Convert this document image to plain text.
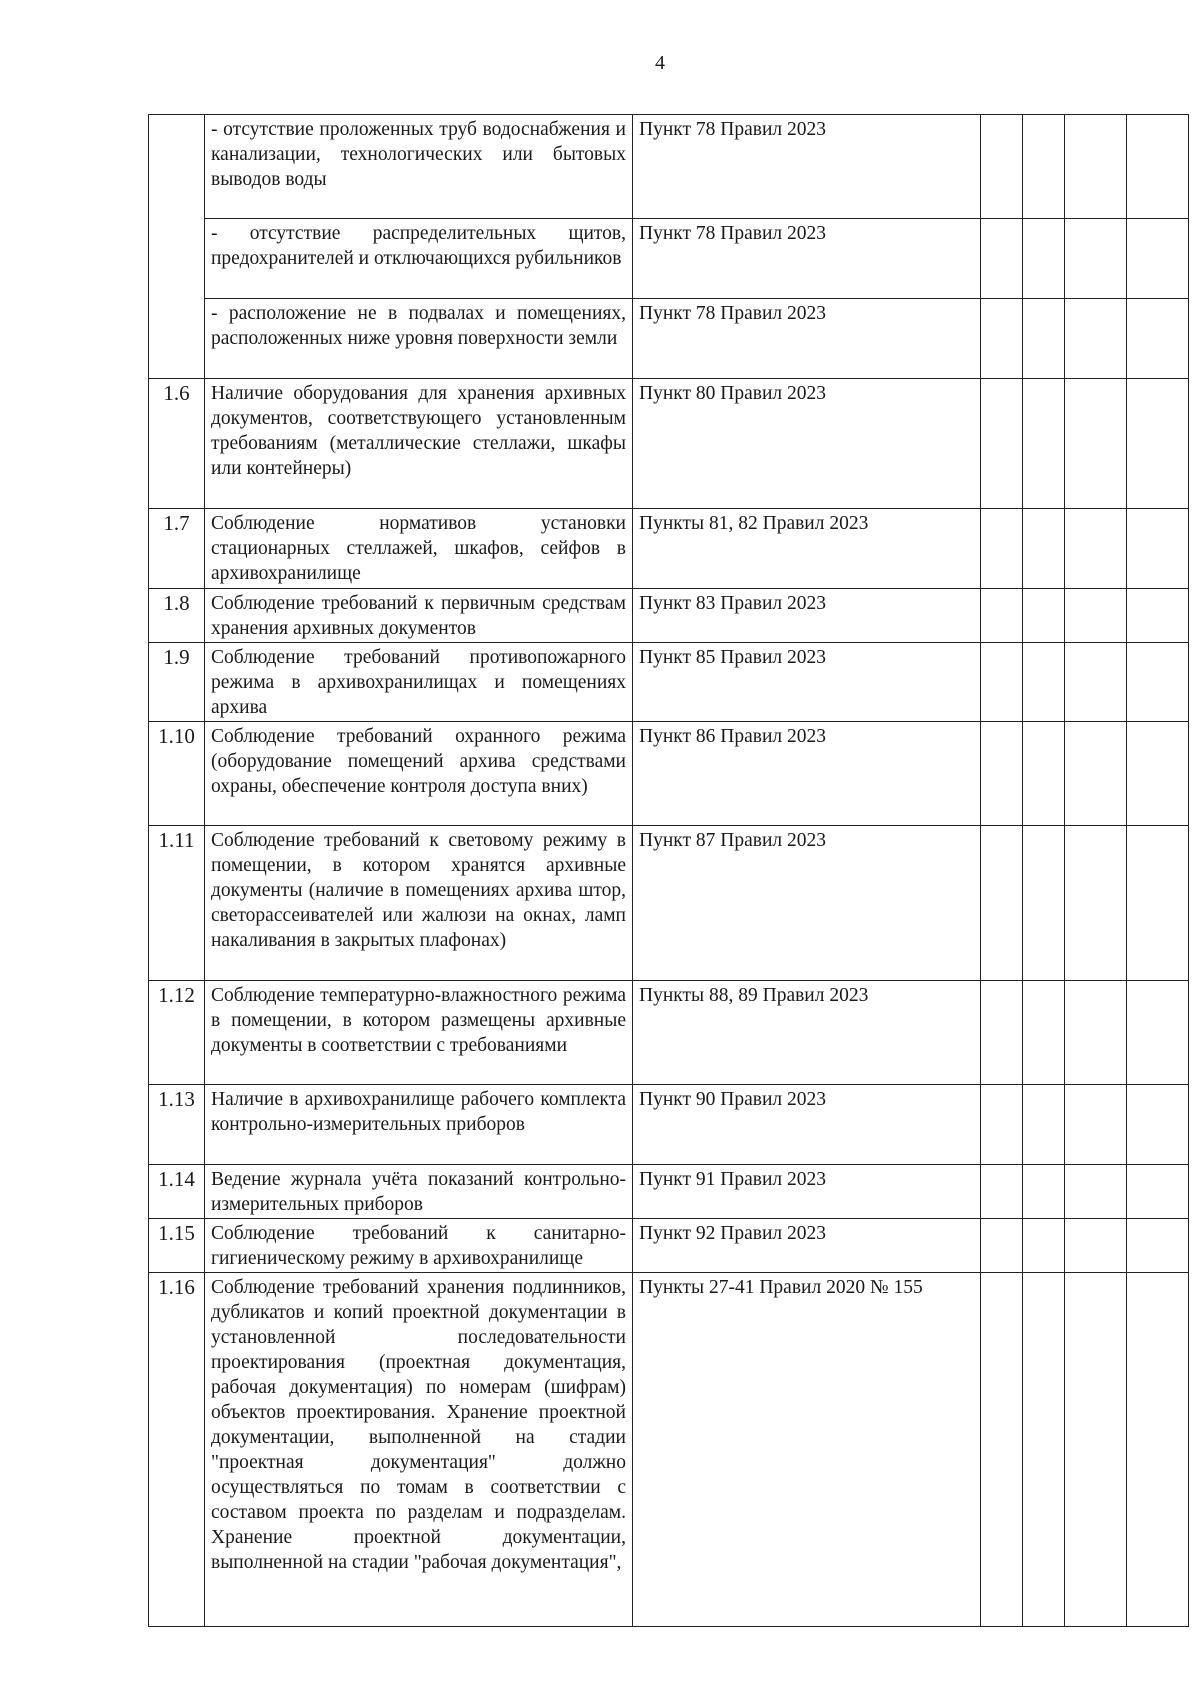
4

	- отсутствие проложенных труб водоснабжения и канализации, технологических или бытовых выводов воды	Пункт 78 Правил 2023				

	- отсутствие распределительных щитов, предохранителей и отключающихся рубильников	Пункт 78 Правил 2023				

	- расположение не в подвалах и помещениях, расположенных ниже уровня поверхности земли	Пункт 78 Правил 2023				

1.6	Наличие оборудования для хранения архивных документов, соответствующего установленным требованиям (металлические стеллажи, шкафы или контейнеры)	Пункт 80 Правил 2023				

1.7	Соблюдение нормативов установки стационарных стеллажей, шкафов, сейфов в архивохранилище	Пункты 81, 82 Правил 2023				

1.8	Соблюдение требований к первичным средствам хранения архивных документов	Пункт 83 Правил 2023				

1.9	Соблюдение требований противопожарного режима в архивохранилищах и помещениях архива	Пункт 85 Правил 2023				

1.10	Соблюдение требований охранного режима (оборудование помещений архива средствами охраны, обеспечение контроля доступа вних)	Пункт 86 Правил 2023				

1.11	Соблюдение требований к световому режиму в помещении, в котором хранятся архивные документы (наличие в помещениях архива штор, светорассеивателей или жалюзи на окнах, ламп накаливания в закрытых плафонах)	Пункт 87 Правил 2023				

1.12	Соблюдение температурно-влажностного режима в помещении, в котором размещены архивные документы в соответствии с требованиями	Пункты 88, 89 Правил 2023				

1.13	Наличие в архивохранилище рабочего комплекта контрольно-измерительных приборов	Пункт 90 Правил 2023				

1.14	Ведение журнала учёта показаний контрольно-измерительных приборов	Пункт 91 Правил 2023				

1.15	Соблюдение требований к санитарно-гигиеническому режиму в архивохранилище	Пункт 92 Правил 2023				

1.16	Соблюдение требований хранения подлинников, дубликатов и копий проектной документации в установленной последовательности проектирования (проектная документация, рабочая документация) по номерам (шифрам) объектов проектирования. Хранение проектной документации, выполненной на стадии "проектная документация" должно осуществляться по томам в соответствии с составом проекта по разделам и подразделам. Хранение проектной документации, выполненной на стадии "рабочая документация",	Пункты 27-41 Правил 2020 № 155				
